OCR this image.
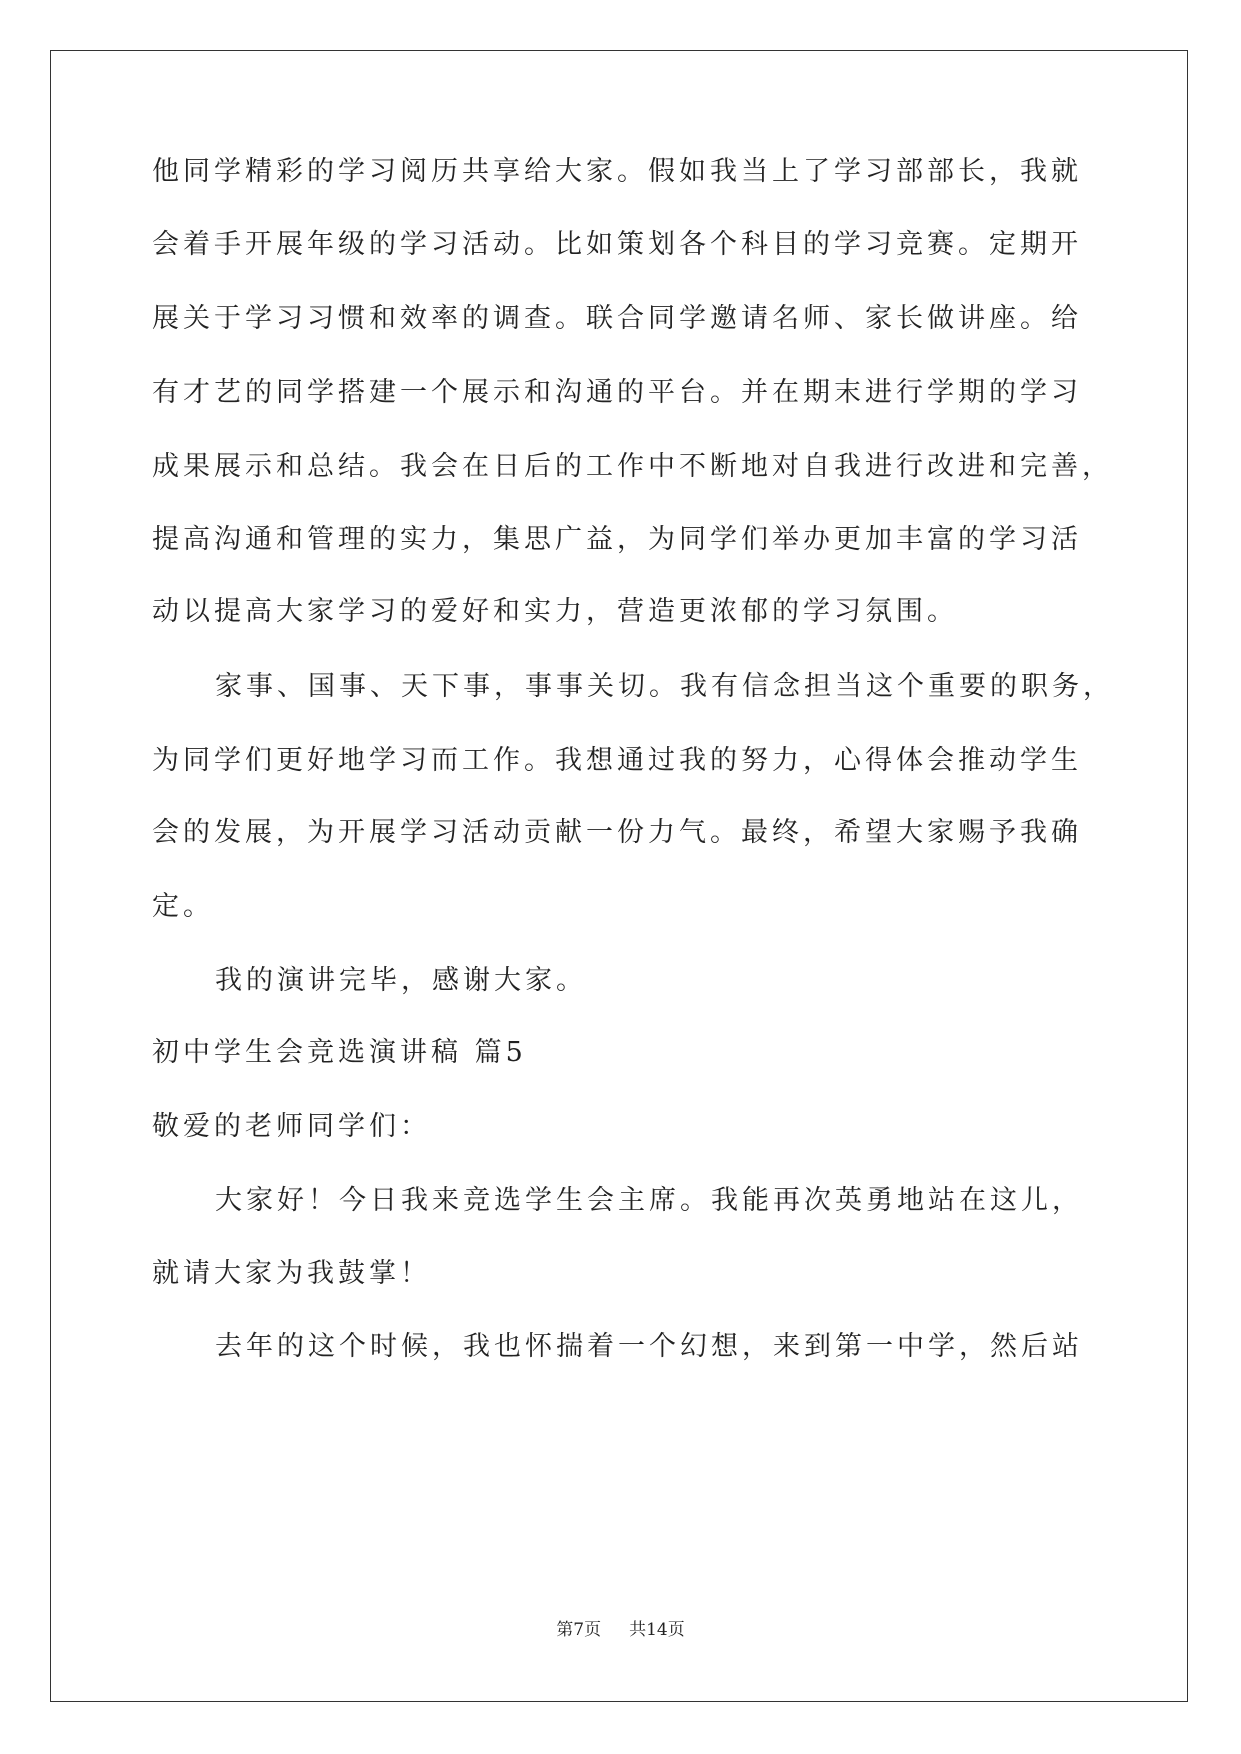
他同学精彩的学习阅历共享给大家。假如我当上了学习部部长，我就
会着手开展年级的学习活动。比如策划各个科目的学习竞赛。定期开
展关于学习习惯和效率的调查。联合同学邀请名师、家长做讲座。给
有才艺的同学搭建一个展示和沟通的平台。并在期末进行学期的学习
成果展示和总结。我会在日后的工作中不断地对自我进行改进和完善，
提高沟通和管理的实力，集思广益，为同学们举办更加丰富的学习活
动以提高大家学习的爱好和实力，营造更浓郁的学习氛围。
家事、国事、天下事，事事关切。我有信念担当这个重要的职务，
为同学们更好地学习而工作。我想通过我的努力，心得体会推动学生
会的发展，为开展学习活动贡献一份力气。最终，希望大家赐予我确
定。
我的演讲完毕，感谢大家。
初中学生会竞选演讲稿 篇5
敬爱的老师同学们：
大家好！今日我来竞选学生会主席。我能再次英勇地站在这儿，
就请大家为我鼓掌！
去年的这个时候，我也怀揣着一个幻想，来到第一中学，然后站
第7页 共14页
